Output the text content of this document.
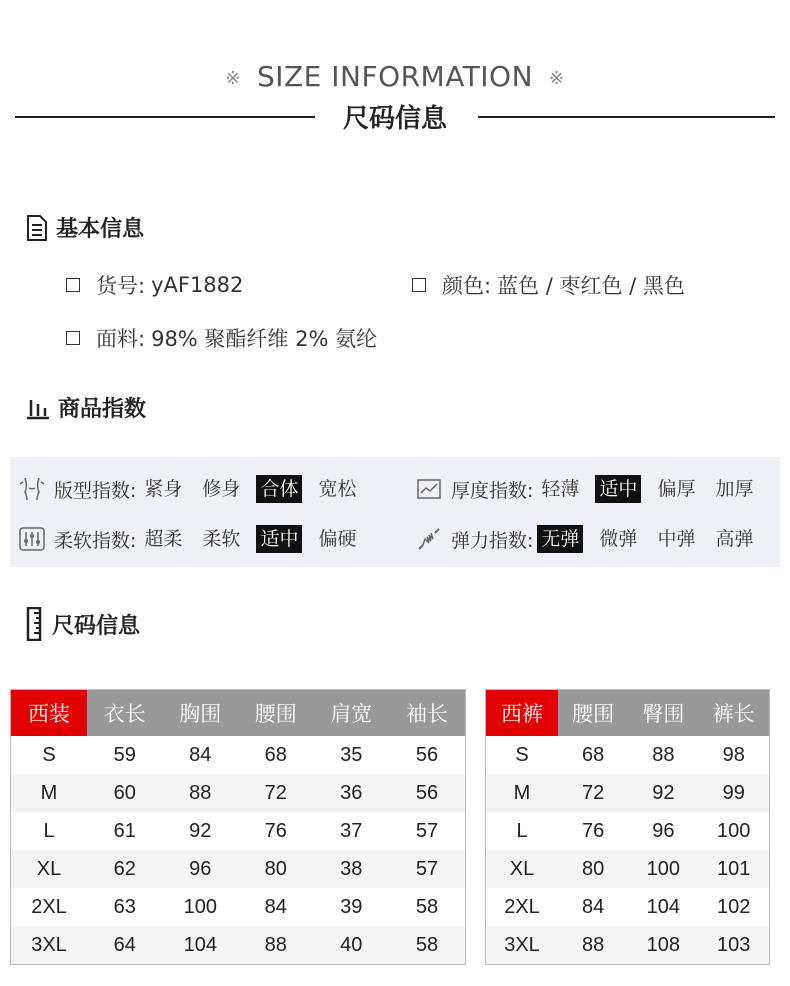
※ SIZE INFORMATION ※
尺码信息
基本信息
货号: yAF1882	颜色: 蓝色 / 枣红色 / 黑色
面料: 98% 聚酯纤维 2% 氨纶
商品指数
版型指数: 紧身 修身 合体 宽松	厚度指数: 轻薄 适中 偏厚 加厚
柔软指数: 超柔 柔软 适中 偏硬	弹力指数: 无弹 微弹 中弹 高弹
尺码信息
西装	衣长	胸围	腰围	肩宽	袖长
S	59	84	68	35	56
M	60	88	72	36	56
L	61	92	76	37	57
XL	62	96	80	38	57
2XL	63	100	84	39	58
3XL	64	104	88	40	58
西裤	腰围	臀围	裤长
S	68	88	98
M	72	92	99
L	76	96	100
XL	80	100	101
2XL	84	104	102
3XL	88	108	103
